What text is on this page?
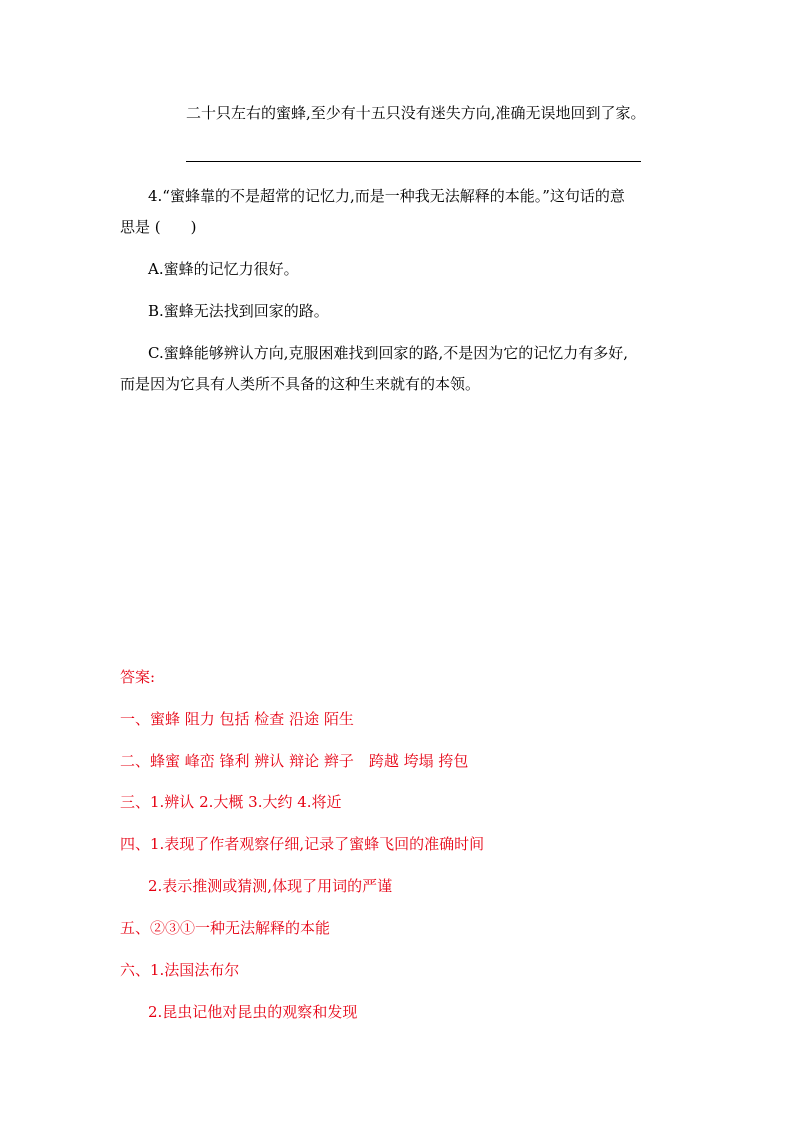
二十只左右的蜜蜂,至少有十五只没有迷失方向,准确无误地回到了家。
4.“蜜蜂靠的不是超常的记忆力,而是一种我无法解释的本能。”这句话的意
思是 (　　)
A.蜜蜂的记忆力很好。
B.蜜蜂无法找到回家的路。
C.蜜蜂能够辨认方向,克服困难找到回家的路,不是因为它的记忆力有多好,
而是因为它具有人类所不具备的这种生来就有的本领。
答案:
一、蜜蜂 阻力 包括 检查 沿途 陌生
二、蜂蜜 峰峦 锋利 辨认 辩论 辫子　跨越 垮塌 挎包
三、1.辨认 2.大概 3.大约 4.将近
四、1.表现了作者观察仔细,记录了蜜蜂飞回的准确时间
2.表示推测或猜测,体现了用词的严谨
五、②③①一种无法解释的本能
六、1.法国法布尔
2.昆虫记他对昆虫的观察和发现
